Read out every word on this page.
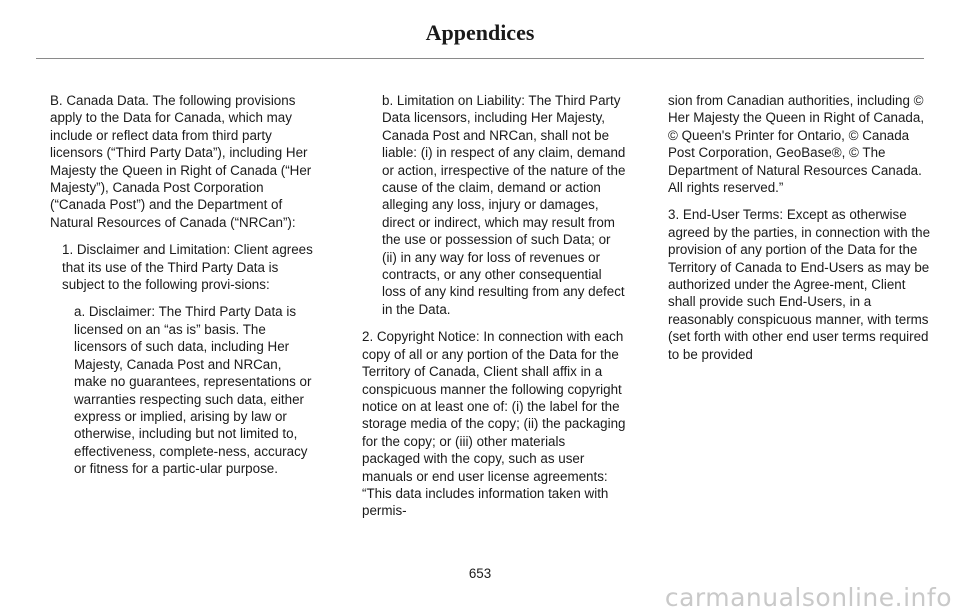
Appendices

B. Canada Data. The following provisions apply to the Data for Canada, which may include or reflect data from third party licensors (“Third Party Data”), including Her Majesty the Queen in Right of Canada (“Her Majesty”), Canada Post Corporation (“Canada Post”) and the Department of Natural Resources of Canada (“NRCan”):

1. Disclaimer and Limitation: Client agrees that its use of the Third Party Data is subject to the following provi-sions:

a. Disclaimer: The Third Party Data is licensed on an “as is” basis. The licensors of such data, including Her Majesty, Canada Post and NRCan, make no guarantees, representations or warranties respecting such data, either express or implied, arising by law or otherwise, including but not limited to, effectiveness, complete-ness, accuracy or fitness for a partic-ular purpose.

b. Limitation on Liability: The Third Party Data licensors, including Her Majesty, Canada Post and NRCan, shall not be liable: (i) in respect of any claim, demand or action, irrespective of the nature of the cause of the claim, demand or action alleging any loss, injury or damages, direct or indirect, which may result from the use or possession of such Data; or (ii) in any way for loss of revenues or contracts, or any other consequential loss of any kind resulting from any defect in the Data.

2. Copyright Notice: In connection with each copy of all or any portion of the Data for the Territory of Canada, Client shall affix in a conspicuous manner the following copyright notice on at least one of: (i) the label for the storage media of the copy; (ii) the packaging for the copy; or (iii) other materials packaged with the copy, such as user manuals or end user license agreements: “This data includes information taken with permis-

sion from Canadian authorities, including © Her Majesty the Queen in Right of Canada, © Queen's Printer for Ontario, © Canada Post Corporation, GeoBase®, © The Department of Natural Resources Canada. All rights reserved.”

3. End-User Terms: Except as otherwise agreed by the parties, in connection with the provision of any portion of the Data for the Territory of Canada to End-Users as may be authorized under the Agree-ment, Client shall provide such End-Users, in a reasonably conspicuous manner, with terms (set forth with other end user terms required to be provided

653
carmanualsonline.info
